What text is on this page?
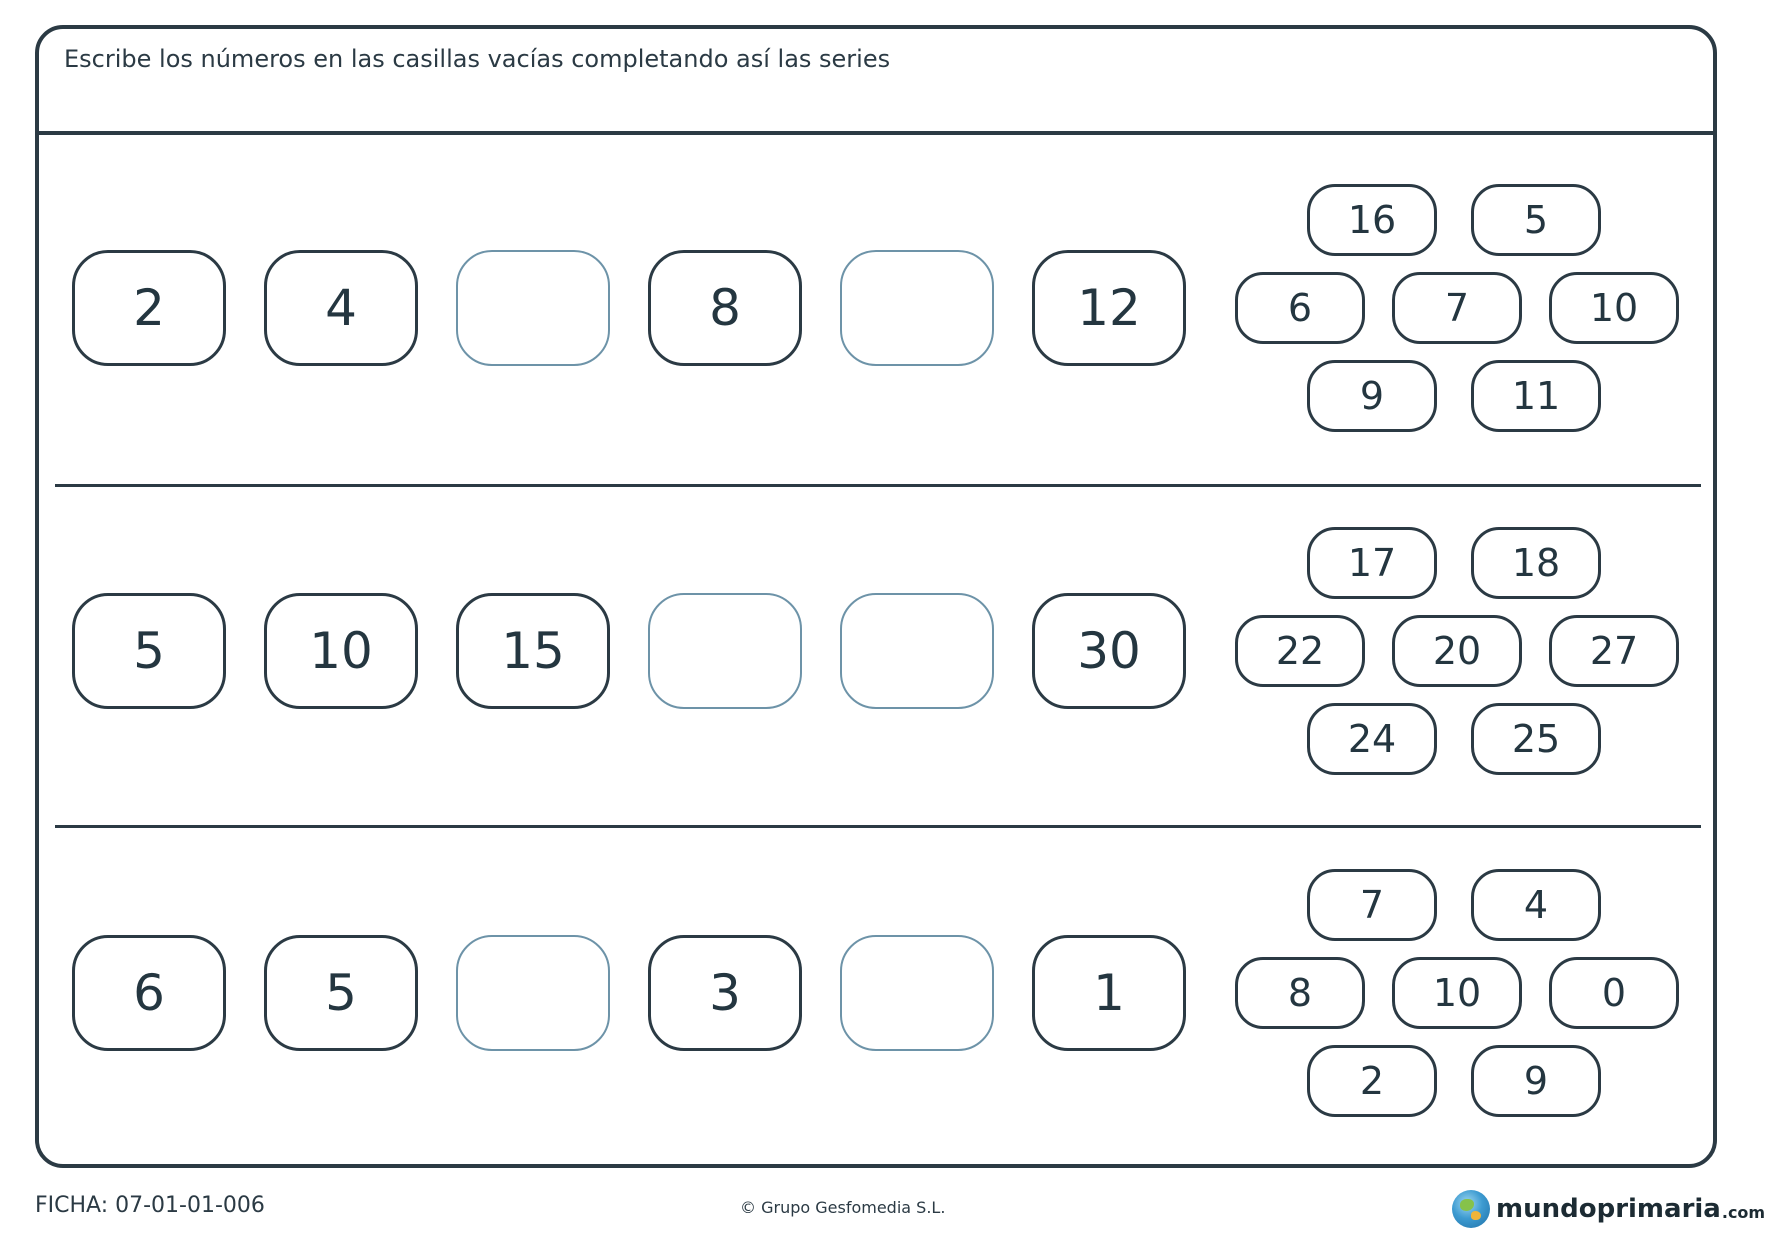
Escribe los números en las casillas vacías completando así las series
2	4	8	12
16	5
6	7	10
9	11
5	10	15	30
17	18
22	20	27
24	25
6	5	3	1
7	4
8	10	0
2	9
FICHA: 07-01-01-006	© Grupo Gesfomedia S.L.	mundoprimaria .com
